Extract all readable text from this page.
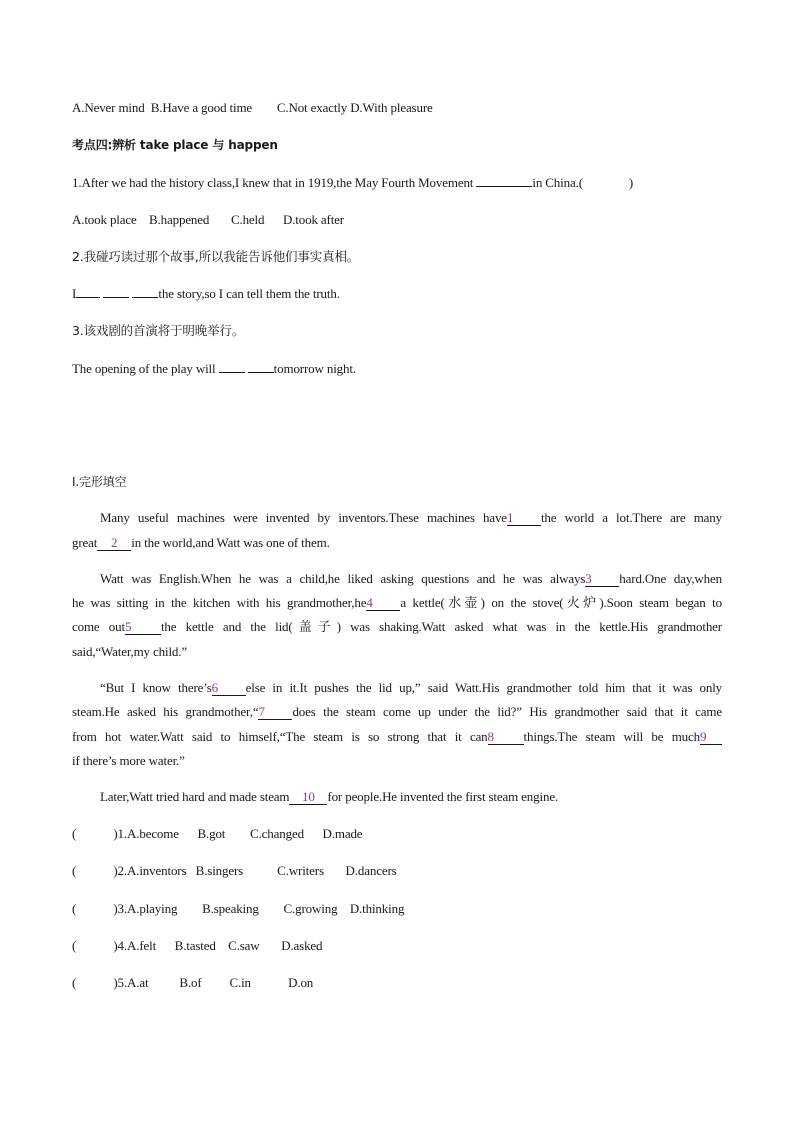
A.Never mind  B.Have a good time        C.Not exactly D.With pleasure
考点四:辨析 take place 与 happen
1.After we had the history class,I knew that in 1919,the May Fourth Movement	in China.(	)
A.took place    B.happened       C.held      D.took after
2.我碰巧读过那个故事,所以我能告诉他们事实真相。
I	the story,so I can tell them the truth.
3.该戏剧的首演将于明晚举行。
The opening of the play will	tomorrow night.
Ⅰ.完形填空
Many useful machines were invented by inventors.These machines have1 the world a lot.There are many
great 2 in the world,and Watt was one of them.
Watt was English.When he was a child,he liked asking questions and he was always3 hard.One day,when
he was sitting in the kitchen with his grandmother,he4 a kettle(水壶) on the stove(火炉).Soon steam began to
come out5 the kettle and the lid(盖子) was shaking.Watt asked what was in the kettle.His grandmother
said,“Water,my child.”
“But I know there’s6 else in it.It pushes the lid up,” said Watt.His grandmother told him that it was only
steam.He asked his grandmother,“7 does the steam come up under the lid?” His grandmother said that it came
from hot water.Watt said to himself,“The steam is so strong that it can8 things.The steam will be much9
if there’s more water.”
Later,Watt tried hard and made steam 10 for people.He invented the first steam engine.
(            )1.A.become      B.got        C.changed      D.made
(            )2.A.inventors   B.singers           C.writers       D.dancers
(            )3.A.playing        B.speaking        C.growing    D.thinking
(            )4.A.felt      B.tasted    C.saw       D.asked
(            )5.A.at          B.of         C.in            D.on
